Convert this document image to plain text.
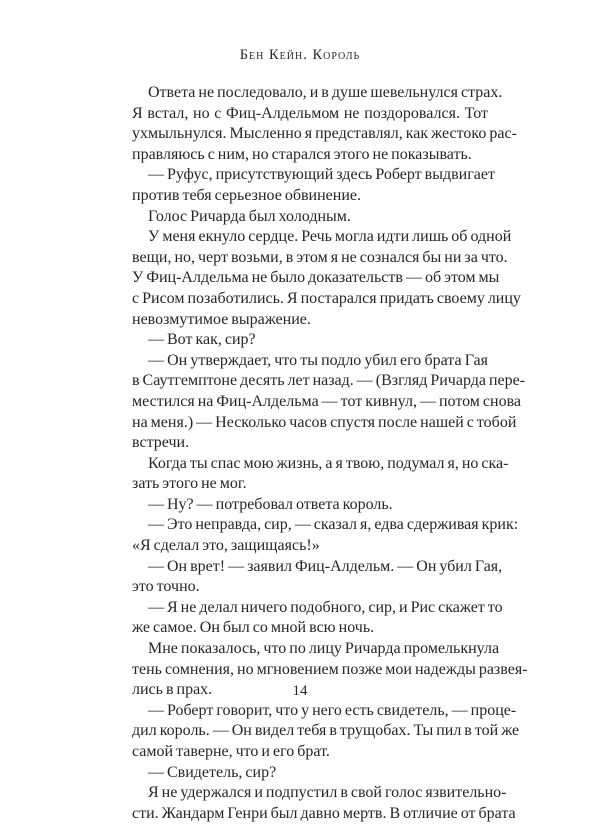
Бен Кейн. Король
Ответа не последовало, и в душе шевельнулся страх.
Я встал, но с Фиц-Алдельмом не поздоровался. Тот
ухмыльнулся. Мысленно я представлял, как жестоко рас-
правляюсь с ним, но старался этого не показывать.
— Руфус, присутствующий здесь Роберт выдвигает
против тебя серьезное обвинение.
Голос Ричарда был холодным.
У меня екнуло сердце. Речь могла идти лишь об одной
вещи, но, черт возьми, в этом я не сознался бы ни за что.
У Фиц-Алдельма не было доказательств — об этом мы
с Рисом позаботились. Я постарался придать своему лицу
невозмутимое выражение.
— Вот как, сир?
— Он утверждает, что ты подло убил его брата Гая
в Саутгемптоне десять лет назад. — (Взгляд Ричарда пере-
местился на Фиц-Алдельма — тот кивнул, — потом снова
на меня.) — Несколько часов спустя после нашей с тобой
встречи.
Когда ты спас мою жизнь, а я твою, подумал я, но ска-
зать этого не мог.
— Ну? — потребовал ответа король.
— Это неправда, сир, — сказал я, едва сдерживая крик:
«Я сделал это, защищаясь!»
— Он врет! — заявил Фиц-Алдельм. — Он убил Гая,
это точно.
— Я не делал ничего подобного, сир, и Рис скажет то
же самое. Он был со мной всю ночь.
Мне показалось, что по лицу Ричарда промелькнула
тень сомнения, но мгновением позже мои надежды развея-
лись в прах.
— Роберт говорит, что у него есть свидетель, — проце-
дил король. — Он видел тебя в трущобах. Ты пил в той же
самой таверне, что и его брат.
— Свидетель, сир?
Я не удержался и подпустил в свой голос язвительно-
сти. Жандарм Генри был давно мертв. В отличие от брата
14
